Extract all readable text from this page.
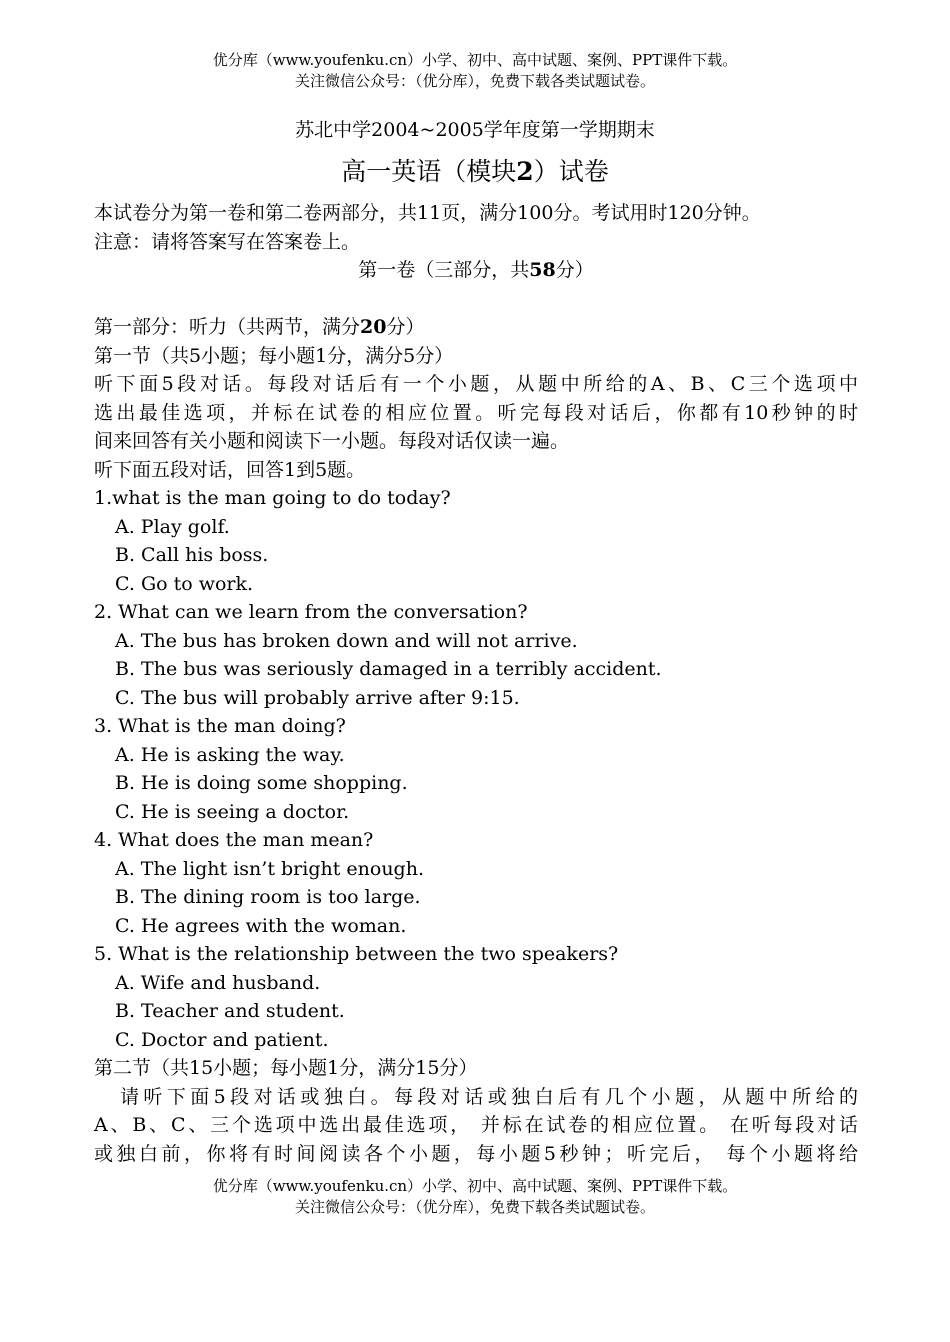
优分库（www.youfenku.cn）小学、初中、高中试题、案例、PPT课件下载。
关注微信公众号：（优分库），免费下载各类试题试卷。
苏北中学2004~2005学年度第一学期期末
高一英语（模块2）试卷

本试卷分为第一卷和第二卷两部分，共11页，满分100分。考试用时120分钟。

注意：请将答案写在答案卷上。

第一卷（三部分，共58分）

第一部分：听力（共两节，满分20分）

第一节（共5小题；每小题1分，满分5分）

听下面5段对话。每段对话后有一个小题，从题中所给的A、B、C三个选项中

选出最佳选项，并标在试卷的相应位置。听完每段对话后，你都有10秒钟的时

间来回答有关小题和阅读下一小题。每段对话仅读一遍。

听下面五段对话，回答1到5题。

1.what is the man going to do today?

A. Play golf.

B. Call his boss.

C. Go to work.

2. What can we learn from the conversation?

A. The bus has broken down and will not arrive.

B. The bus was seriously damaged in a terribly accident.

C. The bus will probably arrive after 9:15.

3. What is the man doing?

A. He is asking the way.

B. He is doing some shopping.

C. He is seeing a doctor.

4. What does the man mean?

A. The light isn’t bright enough.

B. The dining room is too large.

C. He agrees with the woman.

5. What is the relationship between the two speakers?

A. Wife and husband.

B. Teacher and student.

C. Doctor and patient.

第二节（共15小题；每小题1分，满分15分）

请听下面5段对话或独白。每段对话或独白后有几个小题，从题中所给的

A、B、C、三个选项中选出最佳选项， 并标在试卷的相应位置。 在听每段对话

或独白前，你将有时间阅读各个小题，每小题5秒钟；听完后， 每个小题将给

优分库（www.youfenku.cn）小学、初中、高中试题、案例、PPT课件下载。
关注微信公众号：（优分库），免费下载各类试题试卷。
